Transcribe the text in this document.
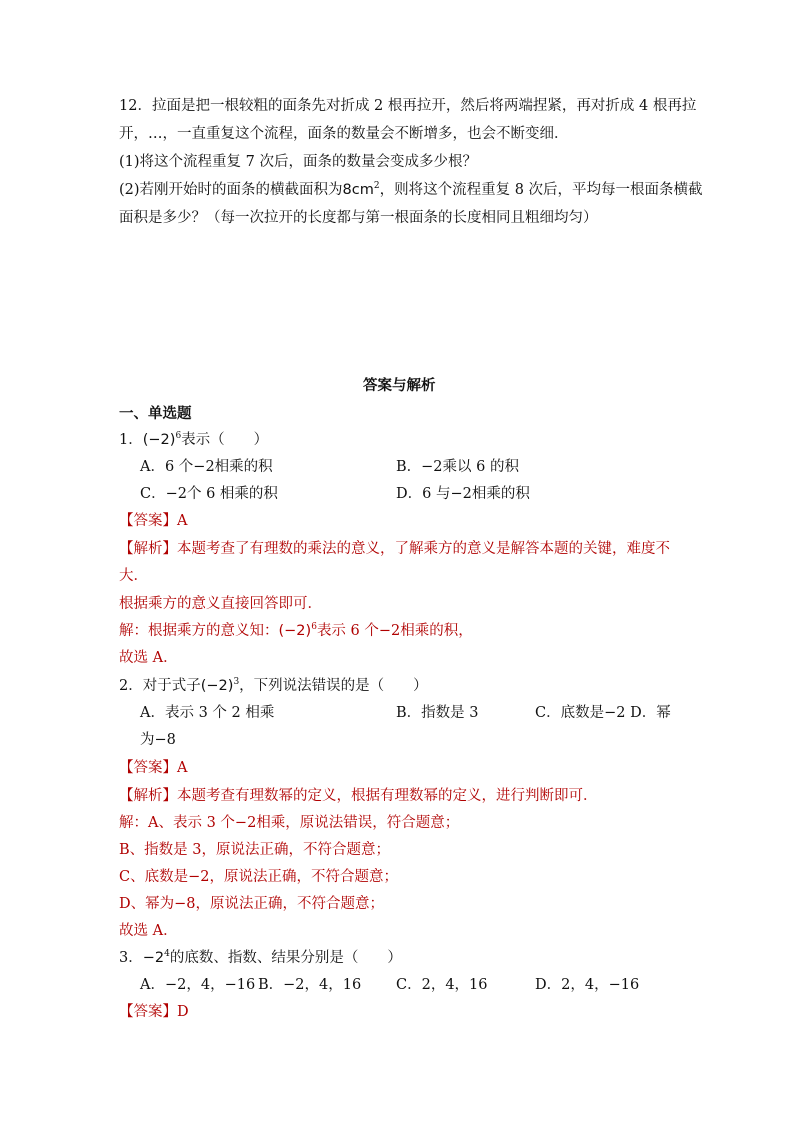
12．拉面是把一根较粗的面条先对折成 2 根再拉开，然后将两端捏紧，再对折成 4 根再拉
开，…，一直重复这个流程，面条的数量会不断增多，也会不断变细．
(1)将这个流程重复 7 次后，面条的数量会变成多少根？
(2)若刚开始时的面条的横截面积为$8cm^2$，则将这个流程重复 8 次后，平均每一根面条横截
面积是多少？（每一次拉开的长度都与第一根面条的长度相同且粗细均匀）
答案与解析
一、单选题
1．$(-2)^6$表示（　　）
A．6 个−2相乘的积	B．−2乘以 6 的积
C．−2个 6 相乘的积	D．6 与−2相乘的积
【答案】A
【解析】本题考查了有理数的乘法的意义，了解乘方的意义是解答本题的关键，难度不
大．
根据乘方的意义直接回答即可．
解：根据乘方的意义知：$(-2)^6$表示 6 个−2相乘的积，
故选 A．
2．对于式子$(-2)^3$，下列说法错误的是（　　）
A．表示 3 个 2 相乘	B．指数是 3	C．底数是−2 D．幂
为−8
【答案】A
【解析】本题考查有理数幂的定义，根据有理数幂的定义，进行判断即可．
解：A、表示 3 个−2相乘，原说法错误，符合题意；
B、指数是 3，原说法正确，不符合题意；
C、底数是−2，原说法正确，不符合题意；
D、幂为−8，原说法正确，不符合题意；
故选 A．
3．$-2^4$的底数、指数、结果分别是（　　）
A．−2，4，−16 B．−2，4，16 C．2，4，16	D．2，4，−16
【答案】D
